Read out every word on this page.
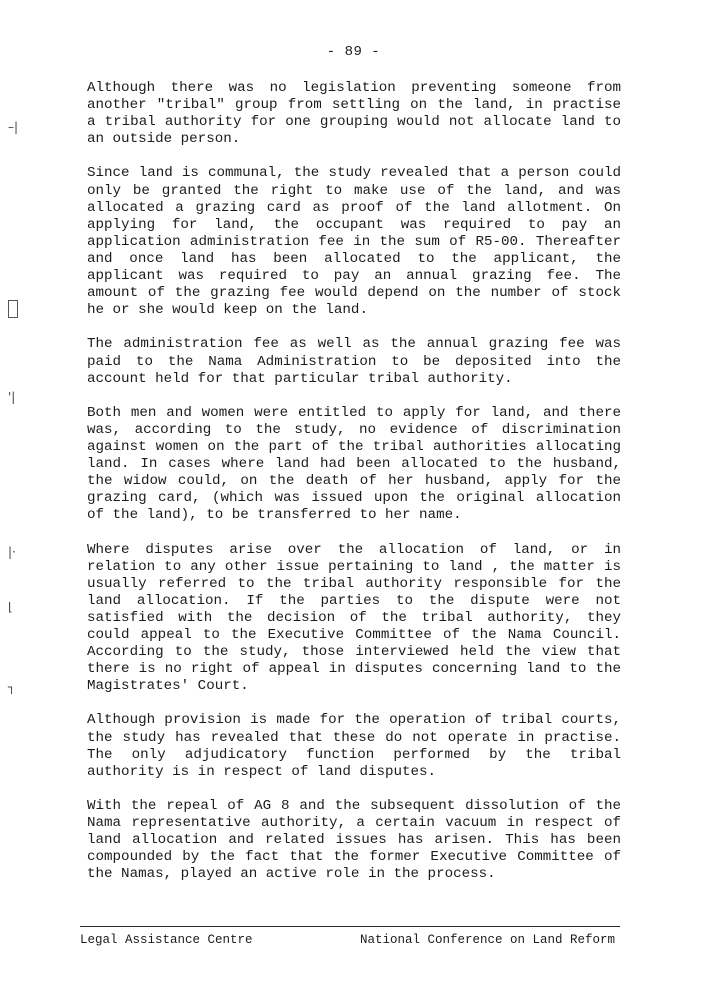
- 89 -

Although there was no legislation preventing someone from another "tribal" group from settling on the land, in practise a tribal authority for one grouping would not allocate land to an outside person.

Since land is communal, the study revealed that a person could only be granted the right to make use of the land, and was allocated a grazing card as proof of the land allotment. On applying for land, the occupant was required to pay an application administration fee in the sum of R5-00. Thereafter and once land has been allocated to the applicant, the applicant was required to pay an annual grazing fee. The amount of the grazing fee would depend on the number of stock he or she would keep on the land.

The administration fee as well as the annual grazing fee was paid to the Nama Administration to be deposited into the account held for that particular tribal authority.

Both men and women were entitled to apply for land, and there was, according to the study, no evidence of discrimination against women on the part of the tribal authorities allocating land. In cases where land had been allocated to the husband, the widow could, on the death of her husband, apply for the grazing card, (which was issued upon the original allocation of the land), to be transferred to her name.

Where disputes arise over the allocation of land, or in relation to any other issue pertaining to land , the matter is usually referred to the tribal authority responsible for the land allocation. If the parties to the dispute were not satisfied with the decision of the tribal authority, they could appeal to the Executive Committee of the Nama Council. According to the study, those interviewed held the view that there is no right of appeal in disputes concerning land to the Magistrates' Court.

Although provision is made for the operation of tribal courts, the study has revealed that these do not operate in practise. The only adjudicatory function performed by the tribal authority is in respect of land disputes.

With the repeal of AG 8 and the subsequent dissolution of the Nama representative authority, a certain vacuum in respect of land allocation and related issues has arisen. This has been compounded by the fact that the former Executive Committee of the Namas, played an active role in the process.

–|
'|
|·
⌊
┐
Legal Assistance Centre	National Conference on Land Reform
